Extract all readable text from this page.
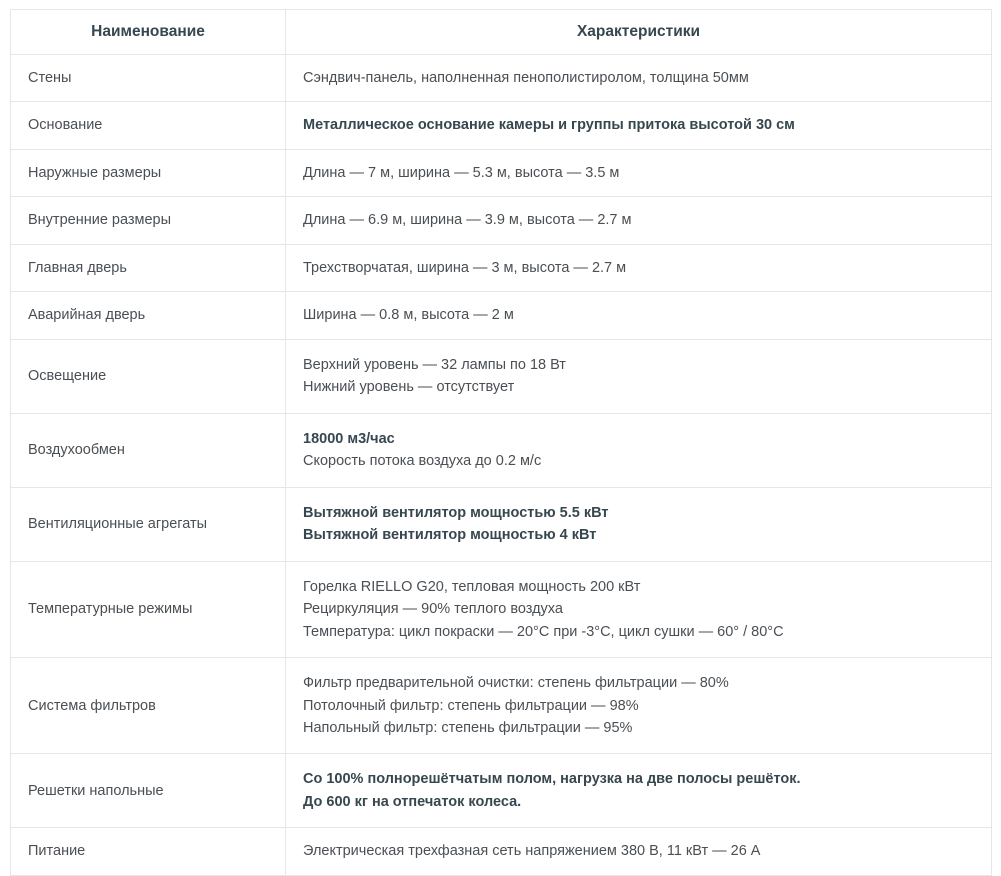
Наименование	Характеристики
Стены	Сэндвич-панель, наполненная пенополистиролом, толщина 50мм

Основание	Металлическое основание камеры и группы притока высотой 30 см

Наружные размеры	Длина — 7 м, ширина — 5.3 м, высота — 3.5 м

Внутренние размеры	Длина — 6.9 м, ширина — 3.9 м, высота — 2.7 м

Главная дверь	Трехстворчатая, ширина — 3 м, высота — 2.7 м

Аварийная дверь	Ширина — 0.8 м, высота — 2 м

Освещение	Верхний уровень — 32 лампы по 18 Вт
Нижний уровень — отсутствует

Воздухообмен	18000 м3/час
Скорость потока воздуха до 0.2 м/с

Вентиляционные агрегаты	Вытяжной вентилятор мощностью 5.5 кВт
Вытяжной вентилятор мощностью 4 кВт

Температурные режимы	Горелка RIELLO G20, тепловая мощность 200 кВт
Рециркуляция — 90% теплого воздуха
Температура: цикл покраски — 20°C при -3°C, цикл сушки — 60° / 80°C

Система фильтров	Фильтр предварительной очистки: степень фильтрации — 80%
Потолочный фильтр: степень фильтрации — 98%
Напольный фильтр: степень фильтрации — 95%

Решетки напольные	Со 100% полнорешётчатым полом, нагрузка на две полосы решёток.
До 600 кг на отпечаток колеса.

Питание	Электрическая трехфазная сеть напряжением 380 В, 11 кВт — 26 А
